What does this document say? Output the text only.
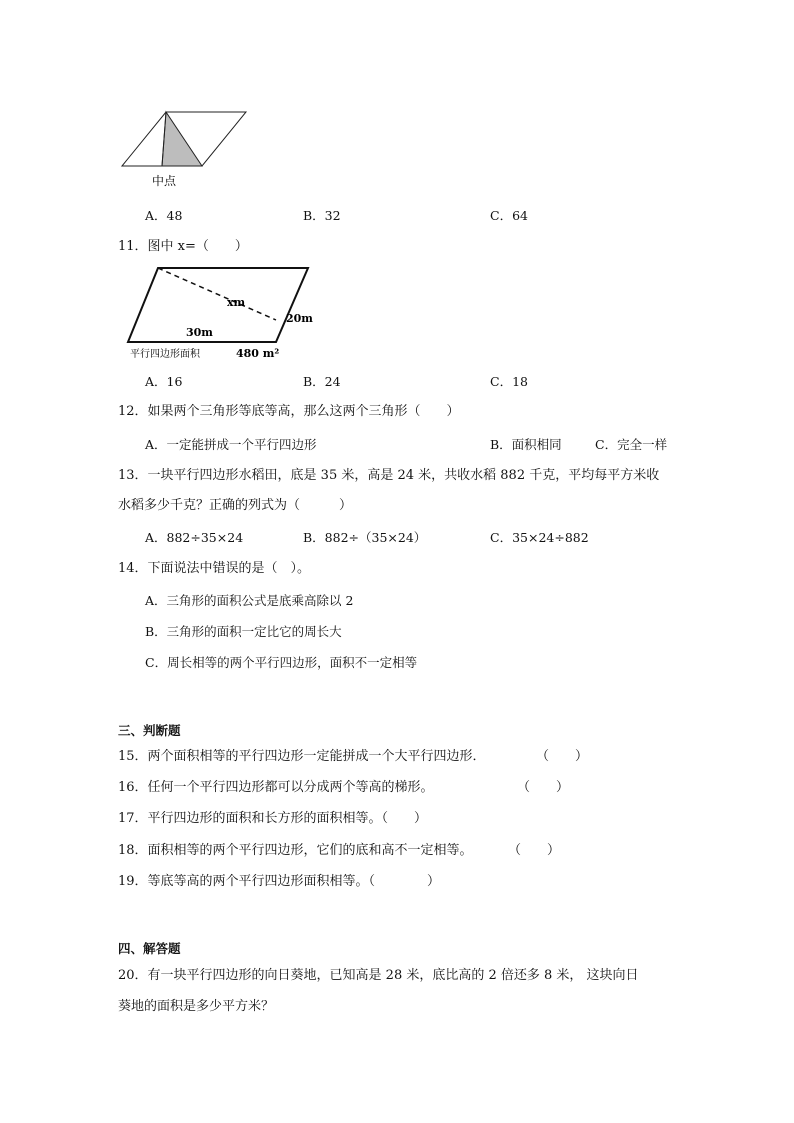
中点
A．48	B．32	C．64
11．图中 x=（　　）
xm
20m
30m
平行四边形面积	480 m²
A．16	B．24	C．18
12．如果两个三角形等底等高，那么这两个三角形（　　）
A．一定能拼成一个平行四边形	B．面积相同	C．完全一样
13．一块平行四边形水稻田，底是 35 米，高是 24 米，共收水稻 882 千克，平均每平方米收
水稻多少千克？正确的列式为（　　　）
A．882÷35×24	B．882÷（35×24）	C．35×24÷882
14．下面说法中错误的是（　）。
A．三角形的面积公式是底乘高除以 2
B．三角形的面积一定比它的周长大
C．周长相等的两个平行四边形，面积不一定相等
三、判断题
15．两个面积相等的平行四边形一定能拼成一个大平行四边形．	（　　）
16．任何一个平行四边形都可以分成两个等高的梯形。	（　　）
17．平行四边形的面积和长方形的面积相等。（　　）
18．面积相等的两个平行四边形，它们的底和高不一定相等。	（　　）
19．等底等高的两个平行四边形面积相等。（　　　　）
四、解答题
20．有一块平行四边形的向日葵地，已知高是 28 米，底比高的 2 倍还多 8 米， 这块向日
葵地的面积是多少平方米？
